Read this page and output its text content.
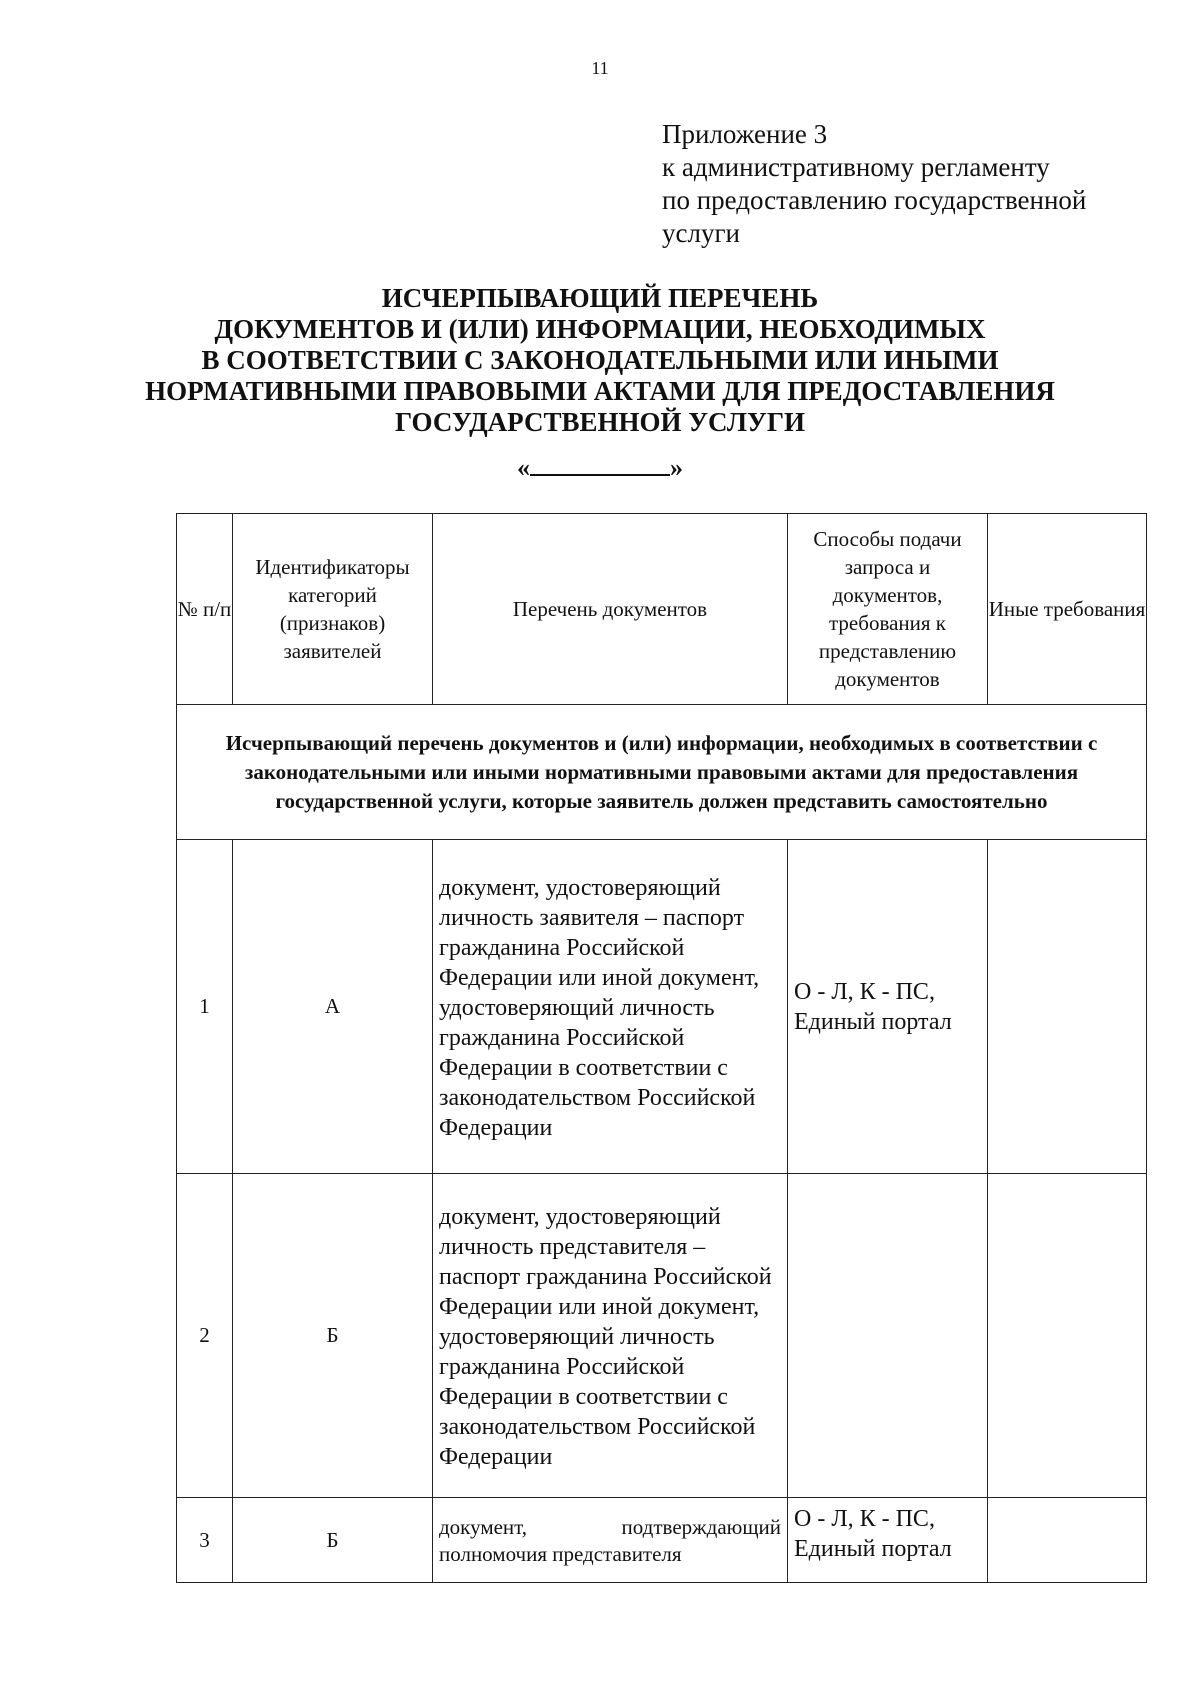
11
Приложение 3
к административному регламенту
по предоставлению государственной
услуги
ИСЧЕРПЫВАЮЩИЙ ПЕРЕЧЕНЬ
ДОКУМЕНТОВ И (ИЛИ) ИНФОРМАЦИИ, НЕОБХОДИМЫХ
В СООТВЕТСТВИИ С ЗАКОНОДАТЕЛЬНЫМИ ИЛИ ИНЫМИ
НОРМАТИВНЫМИ ПРАВОВЫМИ АКТАМИ ДЛЯ ПРЕДОСТАВЛЕНИЯ
ГОСУДАРСТВЕННОЙ УСЛУГИ
«	»
№ п/п	Идентификаторы категорий (признаков) заявителей	Перечень документов	Способы подачи запроса и документов, требования к представлению документов	Иные требования
Исчерпывающий перечень документов и (или) информации, необходимых в соответствии с законодательными или иными нормативными правовыми актами для предоставления государственной услуги, которые заявитель должен представить самостоятельно				
1	А	документ, удостоверяющий личность заявителя – паспорт гражданина Российской Федерации или иной документ, удостоверяющий личность гражданина Российской Федерации в соответствии с законодательством Российской Федерации	О - Л, К - ПС, Единый портал	
2	Б	документ, удостоверяющий личность представителя – паспорт гражданина Российской Федерации или иной документ, удостоверяющий личность гражданина Российской Федерации в соответствии с законодательством Российской Федерации		
3	Б	документ, подтверждающий полномочия представителя	О - Л, К - ПС, Единый портал	
